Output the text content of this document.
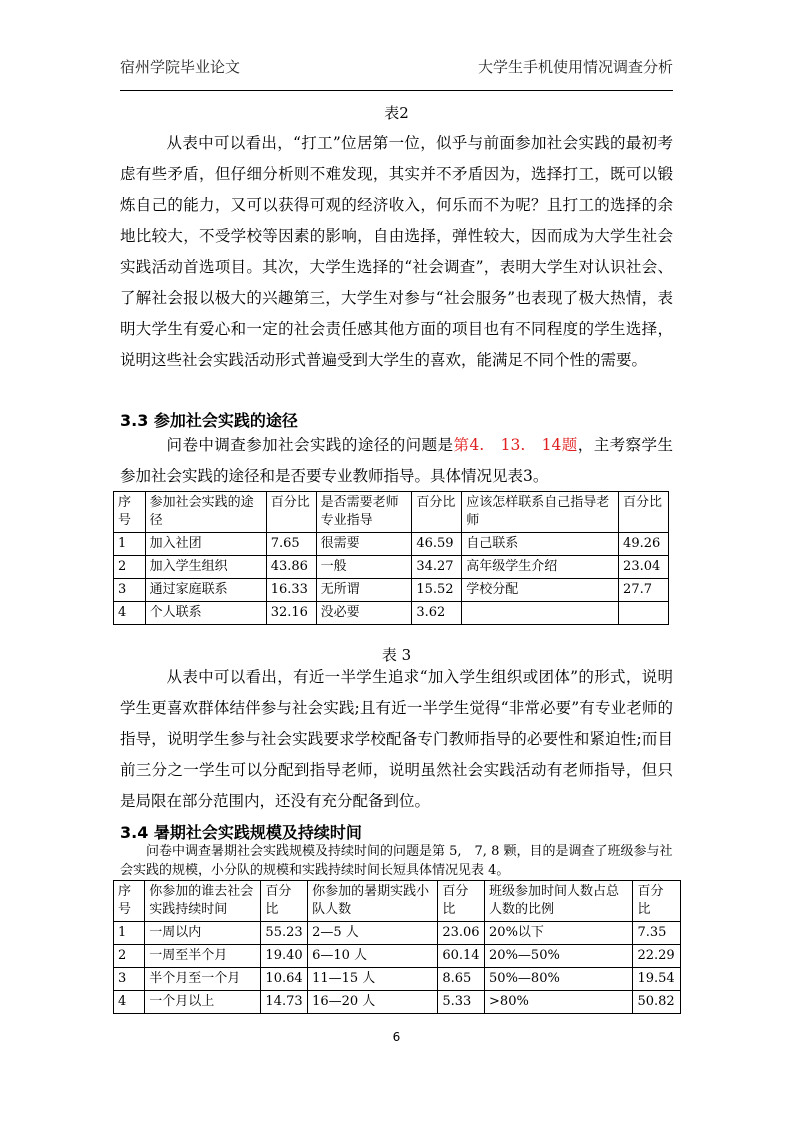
宿州学院毕业论文	大学生手机使用情况调查分析
表2

从表中可以看出，“打工”位居第一位，似乎与前面参加社会实践的最初考虑有些矛盾，但仔细分析则不难发现，其实并不矛盾因为，选择打工，既可以锻炼自己的能力，又可以获得可观的经济收入，何乐而不为呢？且打工的选择的余地比较大，不受学校等因素的影响，自由选择，弹性较大，因而成为大学生社会实践活动首选项目。其次，大学生选择的“社会调查”，表明大学生对认识社会、了解社会报以极大的兴趣第三，大学生对参与“社会服务”也表现了极大热情，表明大学生有爱心和一定的社会责任感其他方面的项目也有不同程度的学生选择，说明这些社会实践活动形式普遍受到大学生的喜欢，能满足不同个性的需要。

3.3 参加社会实践的途径

问卷中调查参加社会实践的途径的问题是第4.　13.　14题，主考察学生参加社会实践的途径和是否要专业教师指导。具体情况见表3。

序号	参加社会实践的途径	百分比	是否需要老师专业指导	百分比	应该怎样联系自己指导老师	百分比
1	加入社团	7.65	很需要	46.59	自己联系	49.26
2	加入学生组织	43.86	一般	34.27	高年级学生介绍	23.04
3	通过家庭联系	16.33	无所谓	15.52	学校分配	27.7
4	个人联系	32.16	没必要	3.62		
表 3

从表中可以看出，有近一半学生追求“加入学生组织或团体”的形式，说明学生更喜欢群体结伴参与社会实践;且有近一半学生觉得“非常必要”有专业老师的指导，说明学生参与社会实践要求学校配备专门教师指导的必要性和紧迫性;而目前三分之一学生可以分配到指导老师，说明虽然社会实践活动有老师指导，但只是局限在部分范围内，还没有充分配备到位。

3.4 暑期社会实践规模及持续时间
问卷中调查暑期社会实践规模及持续时间的问题是第 5,　7, 8 颗，目的是调查了班级参与社会实践的规模，小分队的规模和实践持续时间长短具体情况见表 4。
序号	你参加的谁去社会实践持续时间	百分比	你参加的暑期实践小队人数	百分比	班级参加时间人数占总人数的比例	百分比
1	一周以内	55.23	2—5 人	23.06	20%以下	7.35
2	一周至半个月	19.40	6—10 人	60.14	20%—50%	22.29
3	半个月至一个月	10.64	11—15 人	8.65	50%—80%	19.54
4	一个月以上	14.73	16—20 人	5.33	>80%	50.82
6
